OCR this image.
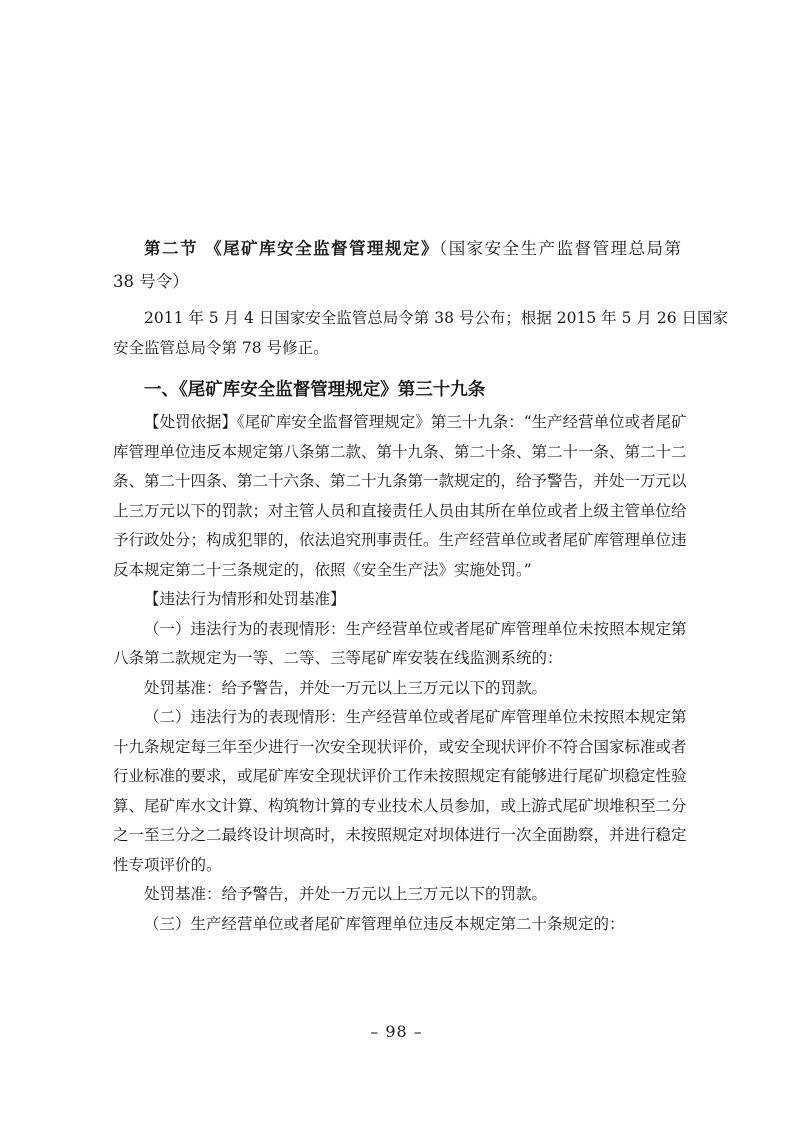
第二节 《尾矿库安全监督管理规定》（国家安全生产监督管理总局第
38 号令）
2011 年 5 月 4 日国家安全监管总局令第 38 号公布；根据 2015 年 5 月 26 日国家
安全监管总局令第 78 号修正。
一、《尾矿库安全监督管理规定》第三十九条
【处罚依据】《尾矿库安全监督管理规定》第三十九条：“生产经营单位或者尾矿
库管理单位违反本规定第八条第二款、第十九条、第二十条、第二十一条、第二十二
条、第二十四条、第二十六条、第二十九条第一款规定的，给予警告，并处一万元以
上三万元以下的罚款；对主管人员和直接责任人员由其所在单位或者上级主管单位给
予行政处分；构成犯罪的，依法追究刑事责任。生产经营单位或者尾矿库管理单位违
反本规定第二十三条规定的，依照《安全生产法》实施处罚。”
【违法行为情形和处罚基准】
（一）违法行为的表现情形：生产经营单位或者尾矿库管理单位未按照本规定第
八条第二款规定为一等、二等、三等尾矿库安装在线监测系统的：
处罚基准：给予警告，并处一万元以上三万元以下的罚款。
（二）违法行为的表现情形：生产经营单位或者尾矿库管理单位未按照本规定第
十九条规定每三年至少进行一次安全现状评价，或安全现状评价不符合国家标准或者
行业标准的要求，或尾矿库安全现状评价工作未按照规定有能够进行尾矿坝稳定性验
算、尾矿库水文计算、构筑物计算的专业技术人员参加，或上游式尾矿坝堆积至二分
之一至三分之二最终设计坝高时，未按照规定对坝体进行一次全面勘察，并进行稳定
性专项评价的。
处罚基准：给予警告，并处一万元以上三万元以下的罚款。
（三）生产经营单位或者尾矿库管理单位违反本规定第二十条规定的：
– 98 –
